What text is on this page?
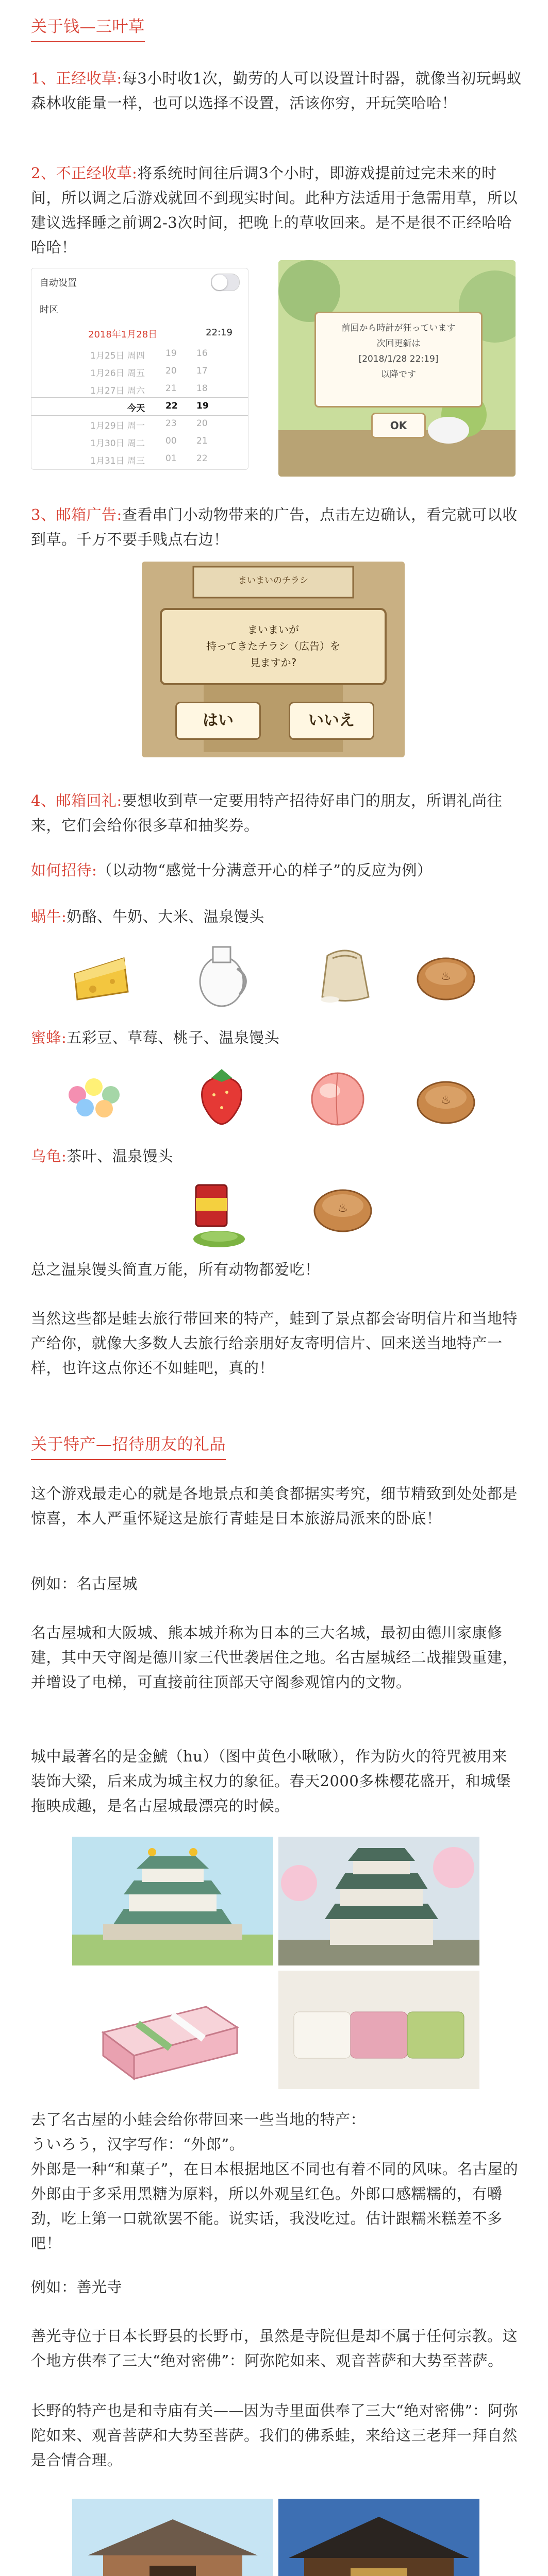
关于钱—三叶草
1、正经收草:每3小时收1次，勤劳的人可以设置计时器，就像当初玩蚂蚁森林收能量一样，也可以选择不设置，活该你穷，开玩笑哈哈！
2、不正经收草:将系统时间往后调3个小时，即游戏提前过完未来的时间，所以调之后游戏就回不到现实时间。此种方法适用于急需用草，所以建议选择睡之前调2-3次时间，把晚上的草收回来。是不是很不正经哈哈哈哈！
自动设置
时区
2018年1月28日	22:19
1月25日 周四 19 16
1月26日 周五 20 17
1月27日 周六 21 18
今天 22 19
1月29日 周一 23 20
1月30日 周二 00 21
1月31日 周三 01 22
前回から時計が狂っています
次回更新は
[2018/1/28 22:19]
以降です
OK
3、邮箱广告:查看串门小动物带来的广告，点击左边确认，看完就可以收到草。千万不要手贱点右边！
まいまいのチラシ
まいまいが
持ってきたチラシ（広告）を
見ますか?
はい	いいえ
4、邮箱回礼:要想收到草一定要用特产招待好串门的朋友，所谓礼尚往来，它们会给你很多草和抽奖券。
如何招待:（以动物“感觉十分满意开心的样子”的反应为例）
蜗牛:奶酪、牛奶、大米、温泉馒头
♨
蜜蜂:五彩豆、草莓、桃子、温泉馒头
♨
乌龟:茶叶、温泉馒头
♨
总之温泉馒头简直万能，所有动物都爱吃！
当然这些都是蛙去旅行带回来的特产，蛙到了景点都会寄明信片和当地特产给你，就像大多数人去旅行给亲朋好友寄明信片、回来送当地特产一样，也许这点你还不如蛙吧，真的！
关于特产—招待朋友的礼品
这个游戏最走心的就是各地景点和美食都据实考究，细节精致到处处都是惊喜，本人严重怀疑这是旅行青蛙是日本旅游局派来的卧底！
例如：名古屋城
名古屋城和大阪城、熊本城并称为日本的三大名城，最初由德川家康修建，其中天守阁是德川家三代世袭居住之地。名古屋城经二战摧毁重建，并增设了电梯，可直接前往顶部天守阁参观馆内的文物。
城中最著名的是金鯱（hu）（图中黄色小啾啾），作为防火的符咒被用来装饰大梁，后来成为城主权力的象征。春天2000多株樱花盛开，和城堡拖映成趣，是名古屋城最漂亮的时候。
去了名古屋的小蛙会给你带回来一些当地的特产：
ういろう，汉字写作：“外郎”。
外郎是一种“和菓子”，在日本根据地区不同也有着不同的风味。名古屋的外郎由于多采用黑糖为原料，所以外观呈红色。外郎口感糯糯的，有嚼劲，吃上第一口就欲罢不能。说实话，我没吃过。估计跟糯米糕差不多吧！
例如：善光寺
善光寺位于日本长野县的长野市，虽然是寺院但是却不属于任何宗教。这个地方供奉了三大“绝对密佛”：阿弥陀如来、观音菩萨和大势至菩萨。
长野的特产也是和寺庙有关——因为寺里面供奉了三大“绝对密佛”：阿弥陀如来、观音菩萨和大势至菩萨。我们的佛系蛙，来给这三老拜一拜自然是合情合理。
